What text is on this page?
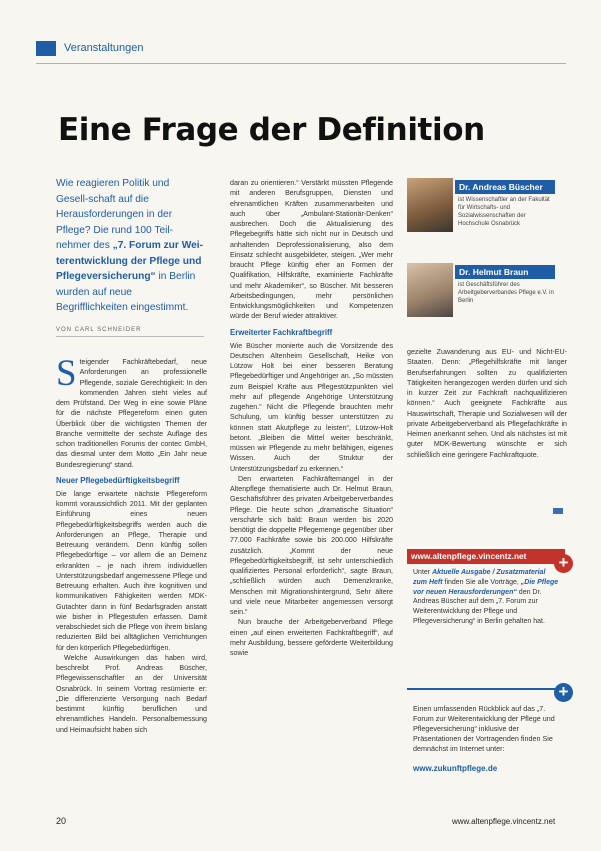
Veranstaltungen
Eine Frage der Definition
Wie reagieren Politik und Gesell-schaft auf die Herausforderungen in der Pflege? Die rund 100 Teil-nehmer des „7. Forum zur Wei-terentwicklung der Pflege und Pflegeversicherung“ in Berlin wurden auf neue Begrifflichkeiten eingestimmt.
VON CARL SCHNEIDER
S teigender Fachkräftebedarf, neue Anforderungen an professionelle Pflegende, soziale Gerechtigkeit: In den kommenden Jahren steht vieles auf dem Prüfstand. Der Weg in eine sowie Pläne für die nächste Pflegereform einen guten Überblick über die wichtigsten Themen der Branche vermittelte der sechste Auflage des schon traditionellen Forums der contec GmbH, das diesmal unter dem Motto „Ein Jahr neue Bundesregierung“ stand.

Neuer Pflegebedürftigkeitsbegriff

Die lange erwartete nächste Pflegereform kommt voraussichtlich 2011. Mit der geplanten Einführung eines neuen Pflegebedürftigkeitsbegriffs werden auch die Anforderungen an Pflege, Therapie und Betreuung verändern. Denn künftig sollen Pflegebedürftige – vor allem die an Demenz erkrankten – je nach ihrem individuellen Unterstützungsbedarf angemessene Pflege und Betreuung erhalten. Auch ihre kognitiven und kommunikativen Fähigkeiten werden MDK-Gutachter dann in fünf Bedarfsgraden anstatt wie bisher in Pflegestufen erfassen. Damit verabschiedet sich die Pflege von ihrem bislang reduzierten Bild bei alltäglichen Verrichtungen für den körperlich Pflegebedürftigen.

Welche Auswirkungen das haben wird, beschreibt Prof. Andreas Büscher, Pflegewissenschaftler an der Universität Osnabrück. In seinem Vortrag resümierte er: „Die differenzierte Versorgung nach Bedarf bestimmt künftig beruflichen und ehrenamtliches Handeln. Personalbemessung und Heimaufsicht haben sich

daran zu orientieren.“ Verstärkt müssten Pflegende mit anderen Berufsgruppen, Diensten und ehrenamtlichen Kräften zusammenarbeiten und auch über „Ambulant-Stationär-Denken“ ausbrechen. Doch die Aktualisierung des Pflegebegriffs hätte sich nicht nur in Deutsch und anhaltenden Deprofessionalisierung, also dem Einsatz schlecht ausgebildeter, steigen. „Wer mehr braucht Pflege künftig eher an Formen der Qualifikation, Hilfskräfte, examinierte Fachkräfte und mehr Akademiker“, so Büscher. Mit besseren Arbeitsbedingungen, mehr persönlichen Entwicklungsmöglichkeiten und Kompetenzen würde der Beruf wieder attraktiver.

Erweiterter Fachkraftbegriff

Wie Büscher monierte auch die Vorsitzende des Deutschen Altenheim Gesellschaft, Heike von Lützow Holt bei einer besseren Beratung Pflegebedürftiger und Angehöriger an. „So müssten zum Beispiel Kräfte aus Pflegestützpunkten viel mehr auf pflegende Angehörige Unterstützung zugehen.“ Nicht die Pflegende brauchten mehr Schulung, um künftig besser unterstützen zu können statt Akutpflege zu leisten“, Lützow-Holt betont. „Bleiben die Mittel weiter beschränkt, müssen wir Pflegende zu mehr befähigen, eigenes Wissen. Auch der Struktur der Unterstützungsbedarf zu erkennen.“

Den erwarteten Fachkräftemangel in der Altenpflege thematisierte auch Dr. Helmut Braun, Geschäftsführer des privaten Arbeitgeberverbandes Pflege. Die heute schon „dramatische Situation“ verschärfe sich bald: Braun werden bis 2020 benötigt die doppelte Pflegemenge gegenüber über 77.000 Fachkräfte sowie bis 200.000 Hilfskräfte zusätzlich. „Kommt der neue Pflegebedürftigkeitsbegriff, ist sehr unterschiedlich qualifiziertes Personal erforderlich“, sagte Braun, „schließlich würden auch Demenzkranke, Menschen mit Migrationshintergrund, Sehr ältere und viele neue Mitarbeiter angemessen versorgt sein.“

Nun brauche der Arbeitgeberverband Pflege einen „auf einen erweiterten Fachkraftbegriff“, auf mehr Ausbildung, bessere geförderte Weiterbildung sowie

Dr. Andreas Büscher
ist Wissenschaftler an der Fakultät für Wirtschafts- und Sozialwissenschaften der Hochschule Osnabrück
Dr. Helmut Braun
ist Geschäftsführer des Arbeitgeberverbandes Pflege e.V. in Berlin

gezielte Zuwanderung aus EU- und Nicht-EU-Staaten. Denn: „Pflegehilfskräfte mit langer Berufserfahrungen sollten zu qualifizierten Tätigkeiten herangezogen werden dürfen und sich in kurzer Zeit zur Fachkraft nachqualifizieren können.“ Auch geeignete Fachkräfte aus Hauswirtschaft, Therapie und Sozialwesen will der private Arbeitgeberverband als Pflegefachkräfte in Heimen anerkannt sehen. Und als nächstes ist mit guter MDK-Bewertung wünschte er sich schließlich eine geringere Fachkraftquote.

www.altenpflege.vincentz.net
Unter Aktuelle Ausgabe / Zusatzmaterial zum Heft finden Sie alle Vorträge, „Die Pflege vor neuen Herausforderungen“ den Dr. Andreas Büscher auf dem „7. Forum zur Weiterentwicklung der Pflege und Pflegeversicherung“ in Berlin gehalten hat.
+
Einen umfassenden Rückblick auf das „7. Forum zur Weiterentwicklung der Pflege und Pflegeversicherung“ inklusive der Präsentationen der Vortragenden finden Sie demnächst im Internet unter:
www.zukunftpflege.de
+
20	www.altenpflege.vincentz.net
